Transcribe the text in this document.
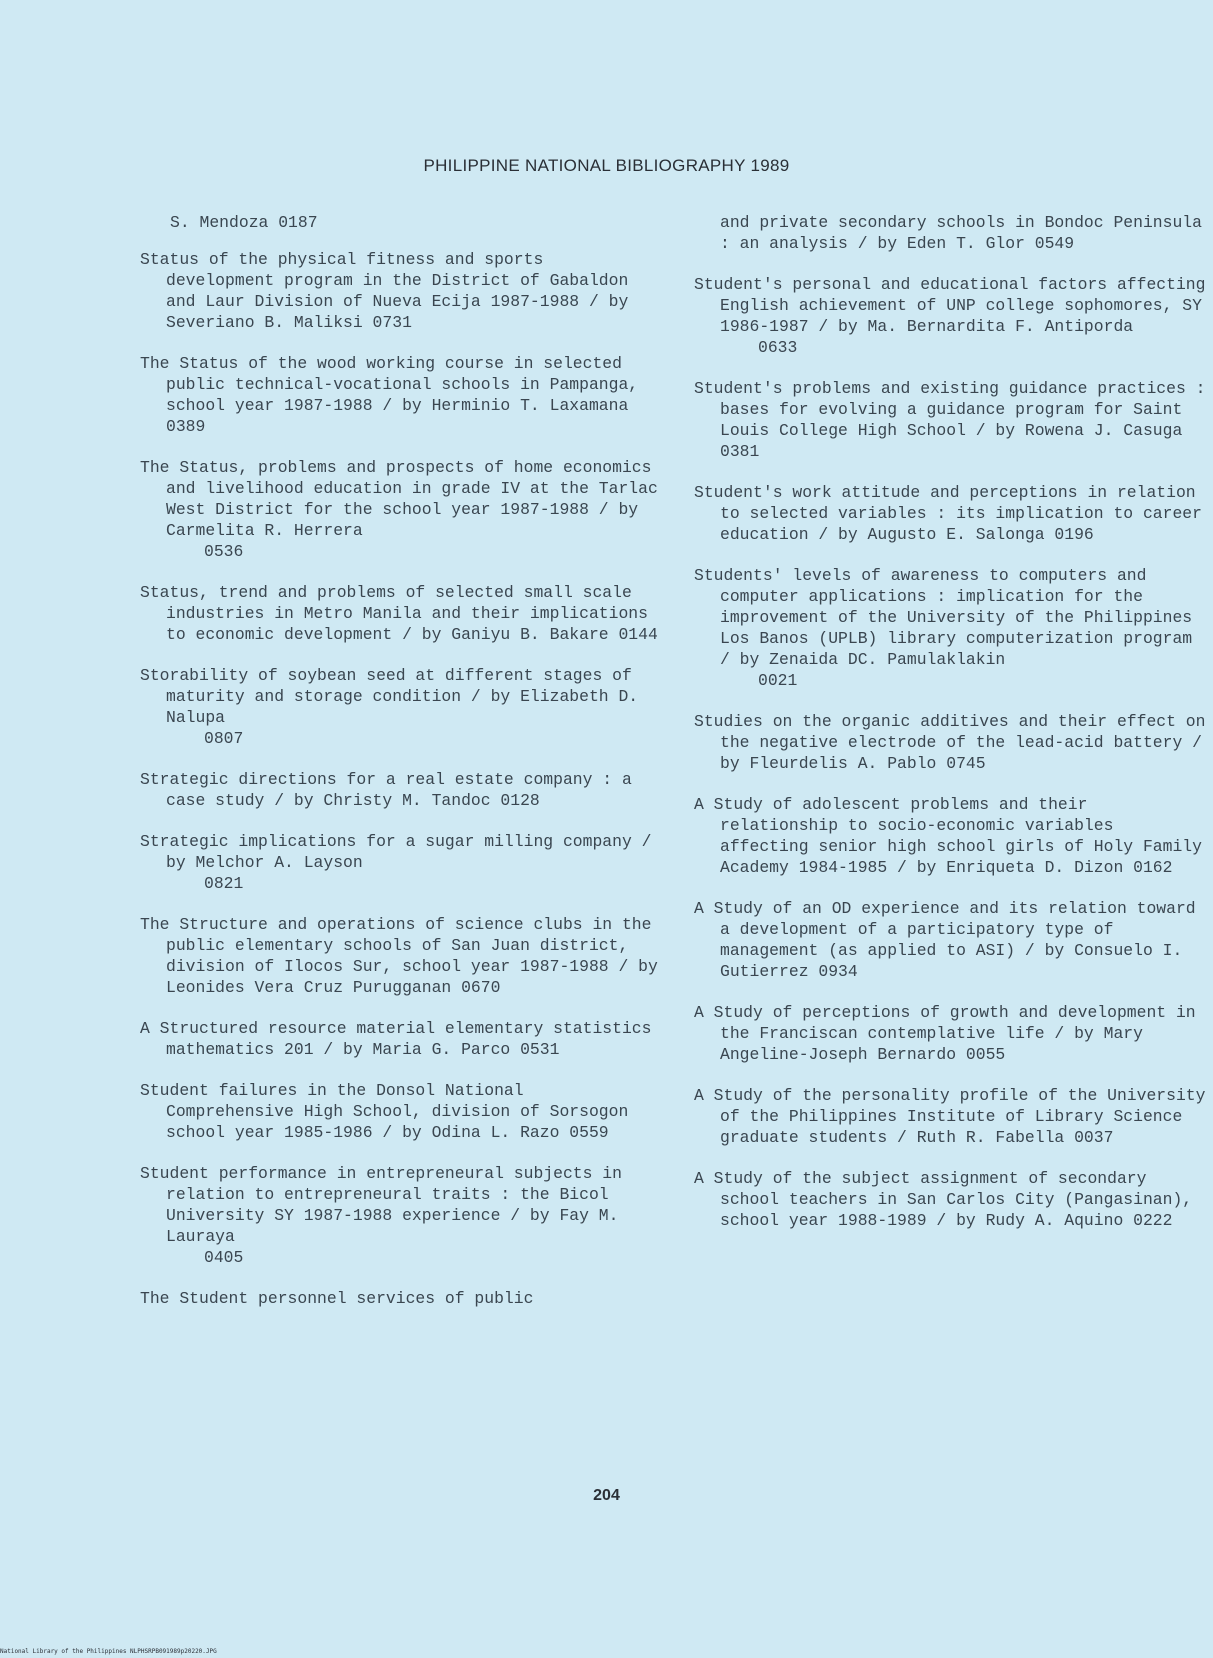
PHILIPPINE NATIONAL BIBLIOGRAPHY 1989
S. Mendoza 0187
Status of the physical fitness and sports development program in the District of Gabaldon and Laur Division of Nueva Ecija 1987-1988 / by Severiano B. Maliksi 0731
The Status of the wood working course in selected public technical-vocational schools in Pampanga, school year 1987-1988 / by Herminio T. Laxamana 0389
The Status, problems and prospects of home economics and livelihood education in grade IV at the Tarlac West District for the school year 1987-1988 / by Carmelita R. Herrera
0536
Status, trend and problems of selected small scale industries in Metro Manila and their implications to economic development / by Ganiyu B. Bakare 0144
Storability of soybean seed at different stages of maturity and storage condition / by Elizabeth D. Nalupa
0807
Strategic directions for a real estate company : a case study / by Christy M. Tandoc 0128
Strategic implications for a sugar milling company / by Melchor A. Layson
0821
The Structure and operations of science clubs in the public elementary schools of San Juan district, division of Ilocos Sur, school year 1987-1988 / by Leonides Vera Cruz Purugganan 0670
A Structured resource material elementary statistics mathematics 201 / by Maria G. Parco 0531
Student failures in the Donsol National Comprehensive High School, division of Sorsogon school year 1985-1986 / by Odina L. Razo 0559
Student performance in entrepreneural subjects in relation to entrepreneural traits : the Bicol University SY 1987-1988 experience / by Fay M. Lauraya
0405
The Student personnel services of public
and private secondary schools in Bondoc Peninsula : an analysis / by Eden T. Glor 0549
Student's personal and educational factors affecting English achievement of UNP college sophomores, SY 1986-1987 / by Ma. Bernardita F. Antiporda
0633
Student's problems and existing guidance practices : bases for evolving a guidance program for Saint Louis College High School / by Rowena J. Casuga 0381
Student's work attitude and perceptions in relation to selected variables : its implication to career education / by Augusto E. Salonga 0196
Students' levels of awareness to computers and computer applications : implication for the improvement of the University of the Philippines Los Banos (UPLB) library computerization program / by Zenaida DC. Pamulaklakin
0021
Studies on the organic additives and their effect on the negative electrode of the lead-acid battery / by Fleurdelis A. Pablo 0745
A Study of adolescent problems and their relationship to socio-economic variables affecting senior high school girls of Holy Family Academy 1984-1985 / by Enriqueta D. Dizon 0162
A Study of an OD experience and its relation toward a development of a participatory type of management (as applied to ASI) / by Consuelo I. Gutierrez 0934
A Study of perceptions of growth and development in the Franciscan contemplative life / by Mary Angeline-Joseph Bernardo 0055
A Study of the personality profile of the University of the Philippines Institute of Library Science graduate students / Ruth R. Fabella 0037
A Study of the subject assignment of secondary school teachers in San Carlos City (Pangasinan), school year 1988-1989 / by Rudy A. Aquino 0222
204
National Library of the Philippines NLPHSRPB091989p20220.JPG
